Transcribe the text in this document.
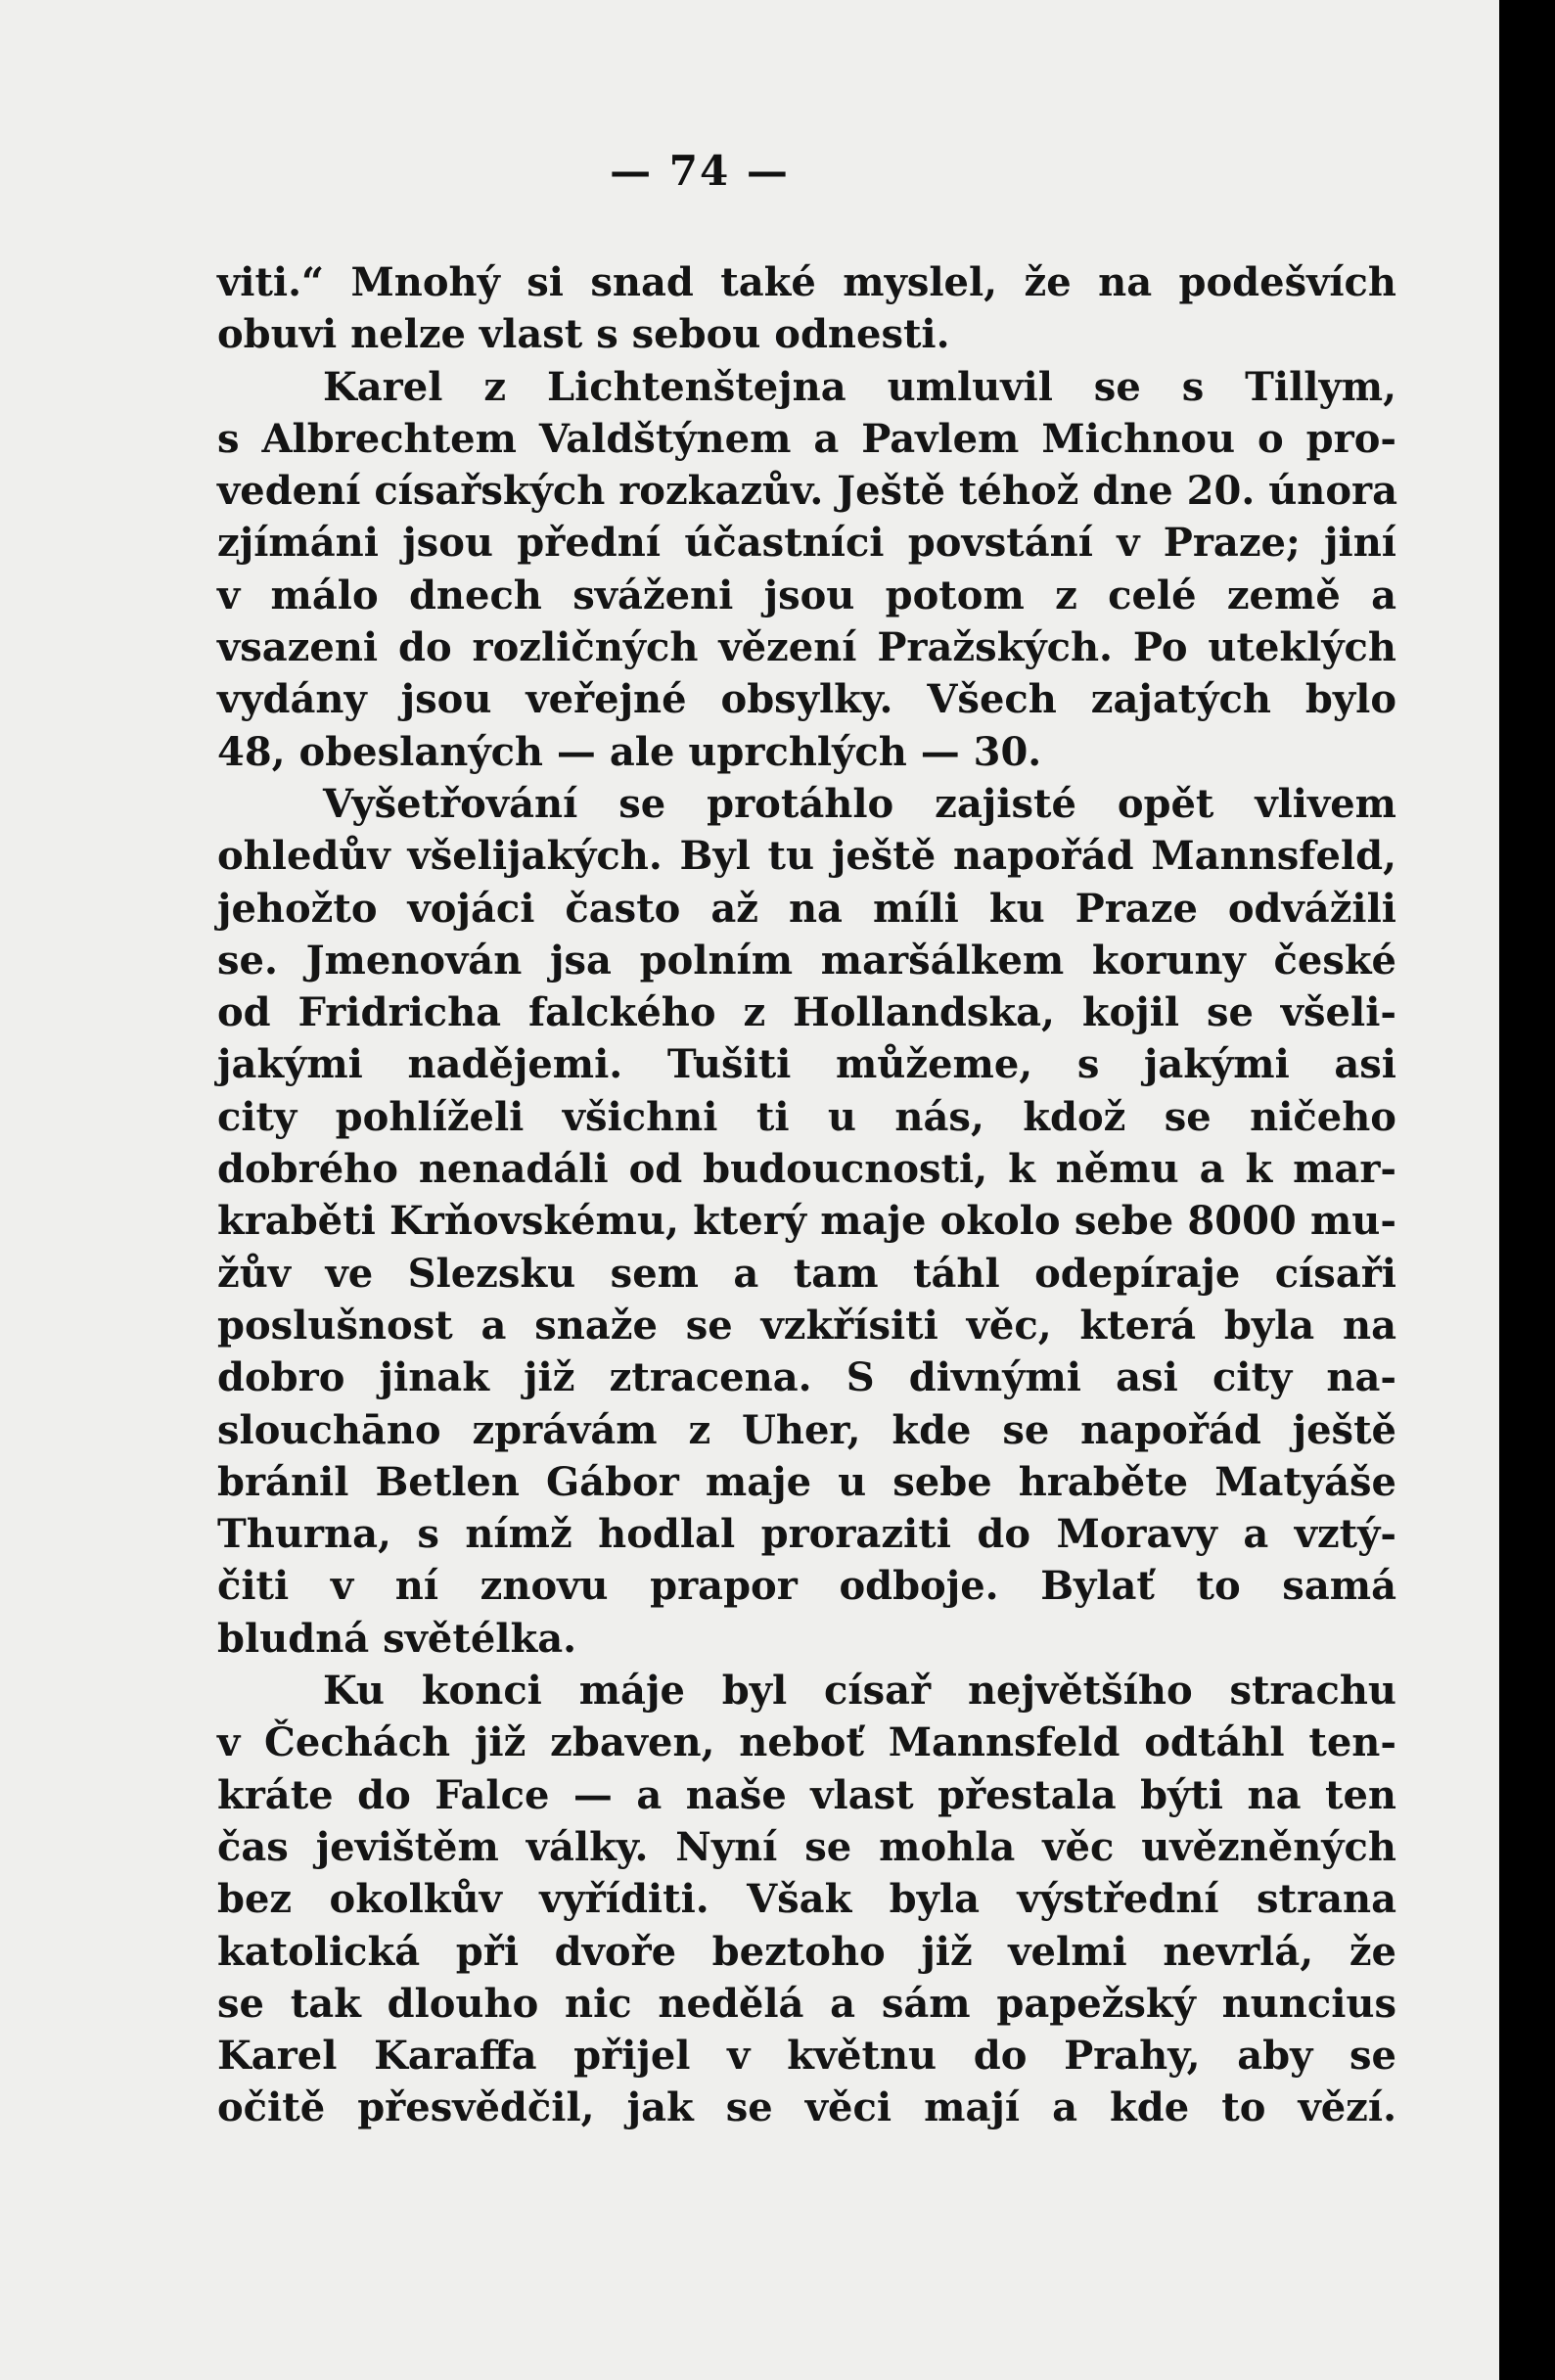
— 74 —
viti.“ Mnohý si snad také myslel, že na podešvích
obuvi nelze vlast s sebou odnesti.
Karel z Lichtenštejna umluvil se s Tillym,
s Albrechtem Valdštýnem a Pavlem Michnou o pro-
vedení císařských rozkazův. Ještě téhož dne 20. února
zjímáni jsou přední účastníci povstání v Praze; jiní
v málo dnech sváženi jsou potom z celé země a
vsazeni do rozličných vězení Pražských. Po uteklých
vydány jsou veřejné obsylky. Všech zajatých bylo
48, obeslaných — ale uprchlých — 30.
Vyšetřování se protáhlo zajisté opět vlivem
ohledův všelijakých. Byl tu ještě napořád Mannsfeld,
jehožto vojáci často až na míli ku Praze odvážili
se. Jmenován jsa polním maršálkem koruny české
od Fridricha falckého z Hollandska, kojil se všeli-
jakými nadějemi. Tušiti můžeme, s jakými asi
city pohlíželi všichni ti u nás, kdož se ničeho
dobrého nenadáli od budoucnosti, k němu a k mar-
kraběti Krňovskému, který maje okolo sebe 8000 mu-
žův ve Slezsku sem a tam táhl odepíraje císaři
poslušnost a snaže se vzkřísiti věc, která byla na
dobro jinak již ztracena. S divnými asi city na-
slouchāno zprávám z Uher, kde se napořád ještě
bránil Betlen Gábor maje u sebe hraběte Matyáše
Thurna, s nímž hodlal proraziti do Moravy a vztý-
čiti v ní znovu prapor odboje. Bylať to samá
bludná světélka.
Ku konci máje byl císař největšího strachu
v Čechách již zbaven, neboť Mannsfeld odtáhl ten-
kráte do Falce — a naše vlast přestala býti na ten
čas jevištěm války. Nyní se mohla věc uvězněných
bez okolkův vyříditi. Však byla výstřední strana
katolická při dvoře beztoho již velmi nevrlá, že
se tak dlouho nic nedělá a sám papežský nuncius
Karel Karaffa přijel v květnu do Prahy, aby se
očitě přesvědčil, jak se věci mají a kde to vězí.
